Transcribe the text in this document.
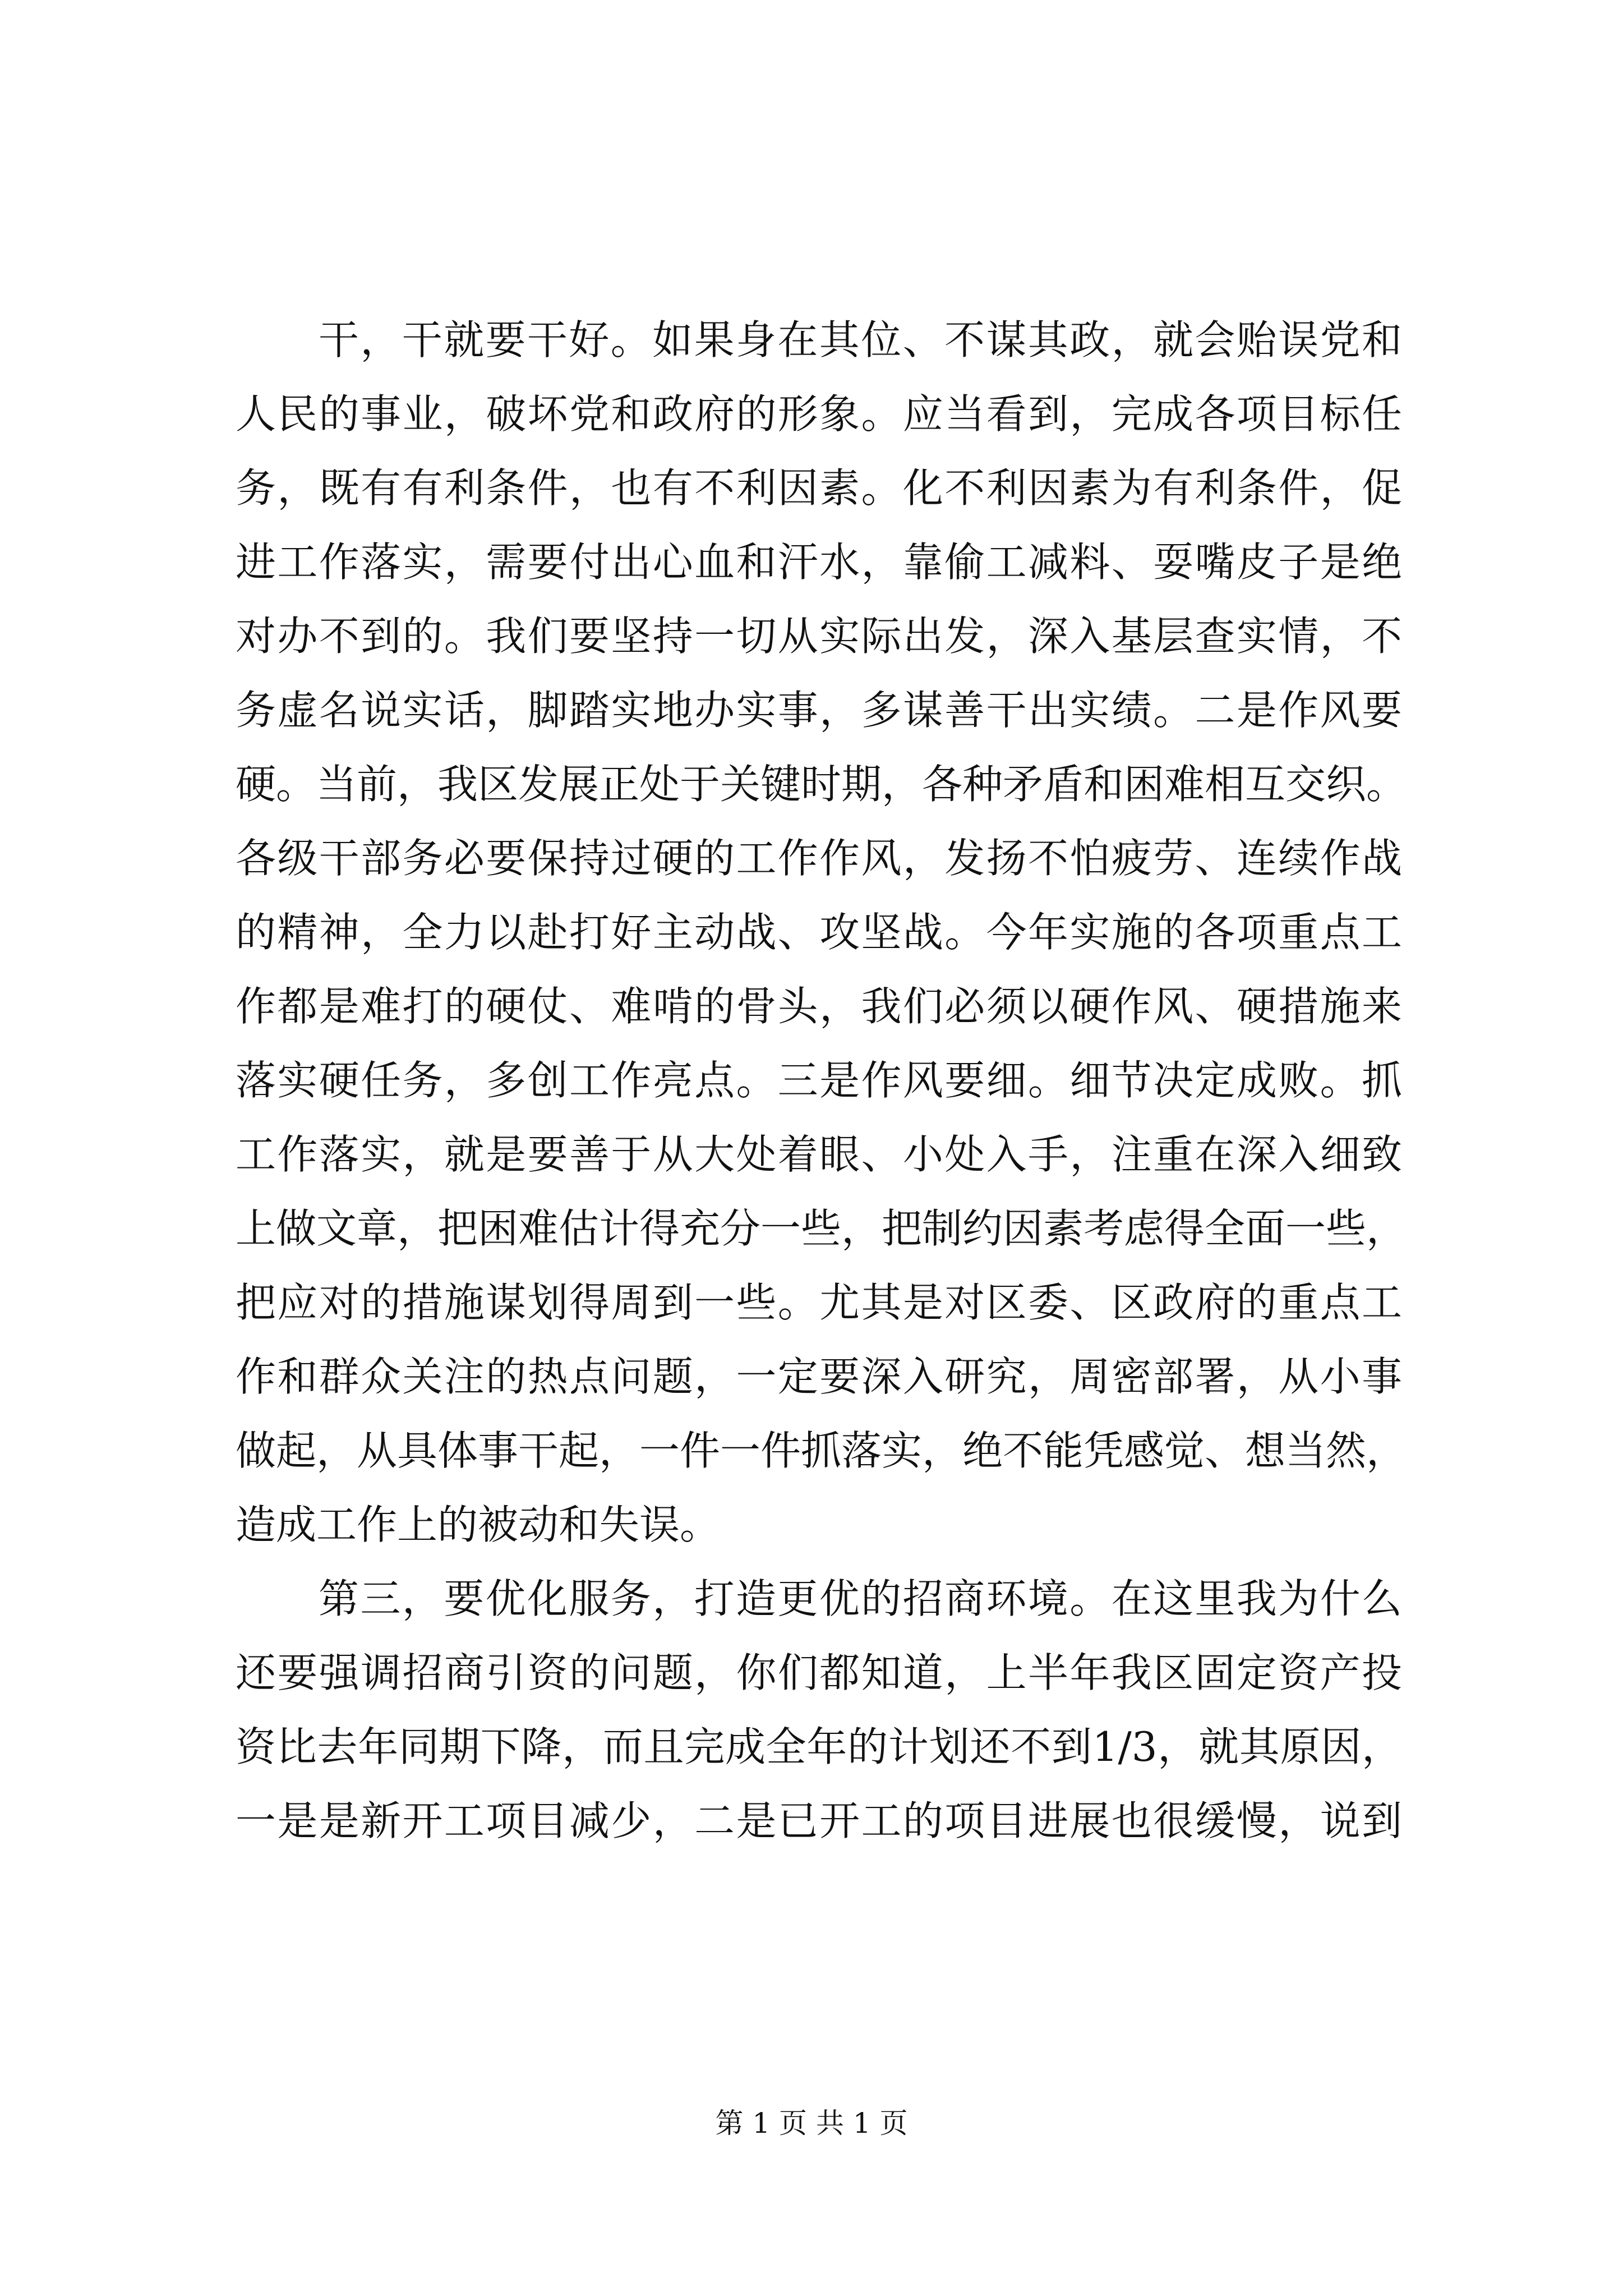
干，干就要干好。如果身在其位、不谋其政，就会贻误党和
人民的事业，破坏党和政府的形象。应当看到，完成各项目标任
务，既有有利条件，也有不利因素。化不利因素为有利条件，促
进工作落实，需要付出心血和汗水，靠偷工减料、耍嘴皮子是绝
对办不到的。我们要坚持一切从实际出发，深入基层查实情，不
务虚名说实话，脚踏实地办实事，多谋善干出实绩。二是作风要
硬。当前，我区发展正处于关键时期，各种矛盾和困难相互交织。
各级干部务必要保持过硬的工作作风，发扬不怕疲劳、连续作战
的精神，全力以赴打好主动战、攻坚战。今年实施的各项重点工
作都是难打的硬仗、难啃的骨头，我们必须以硬作风、硬措施来
落实硬任务，多创工作亮点。三是作风要细。细节决定成败。抓
工作落实，就是要善于从大处着眼、小处入手，注重在深入细致
上做文章，把困难估计得充分一些，把制约因素考虑得全面一些，
把应对的措施谋划得周到一些。尤其是对区委、区政府的重点工
作和群众关注的热点问题，一定要深入研究，周密部署，从小事
做起，从具体事干起，一件一件抓落实，绝不能凭感觉、想当然，
造成工作上的被动和失误。
第三，要优化服务，打造更优的招商环境。在这里我为什么
还要强调招商引资的问题，你们都知道，上半年我区固定资产投
资比去年同期下降，而且完成全年的计划还不到1/3，就其原因，
一是是新开工项目减少，二是已开工的项目进展也很缓慢，说到
第 1 页 共 1 页
